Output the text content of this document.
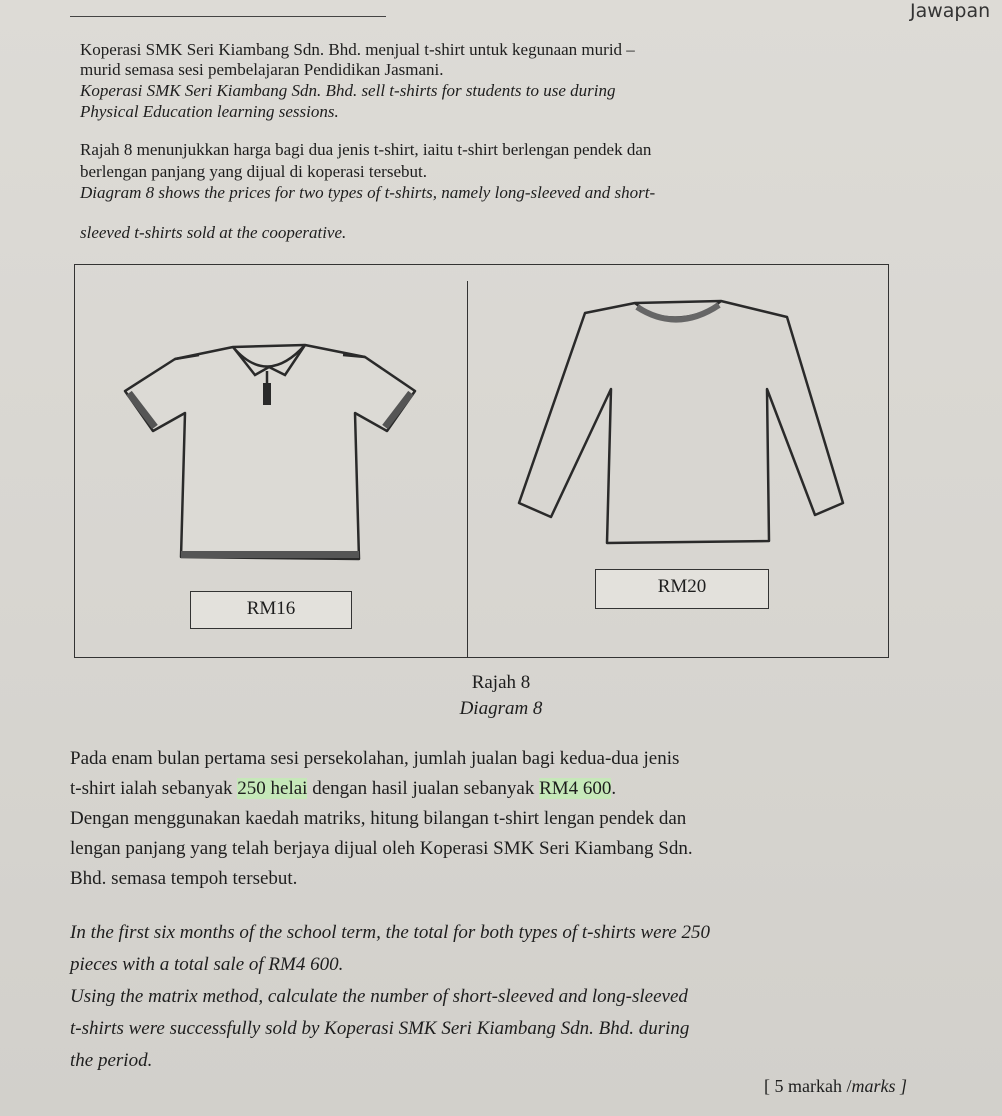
Jawapan
Koperasi SMK Seri Kiambang Sdn. Bhd. menjual t-shirt untuk kegunaan murid –
murid semasa sesi pembelajaran Pendidikan Jasmani.
Koperasi SMK Seri Kiambang Sdn. Bhd. sell t-shirts for students to use during
Physical Education learning sessions.
Rajah 8 menunjukkan harga bagi dua jenis t-shirt, iaitu t-shirt berlengan pendek dan
berlengan panjang yang dijual di koperasi tersebut.
Diagram 8 shows the prices for two types of t-shirts, namely long-sleeved and short-
sleeved t-shirts sold at the cooperative.
RM16
RM20
Rajah 8
Diagram 8
Pada enam bulan pertama sesi persekolahan, jumlah jualan bagi kedua-dua jenis
t-shirt ialah sebanyak 250 helai dengan hasil jualan sebanyak RM4 600.
Dengan menggunakan kaedah matriks, hitung bilangan t-shirt lengan pendek dan
lengan panjang yang telah berjaya dijual oleh Koperasi SMK Seri Kiambang Sdn.
Bhd. semasa tempoh tersebut.
In the first six months of the school term, the total for both types of t-shirts were 250
pieces with a total sale of RM4 600.
Using the matrix method, calculate the number of short-sleeved and long-sleeved
t-shirts were successfully sold by Koperasi SMK Seri Kiambang Sdn. Bhd. during
the period.
[ 5 markah /marks ]
